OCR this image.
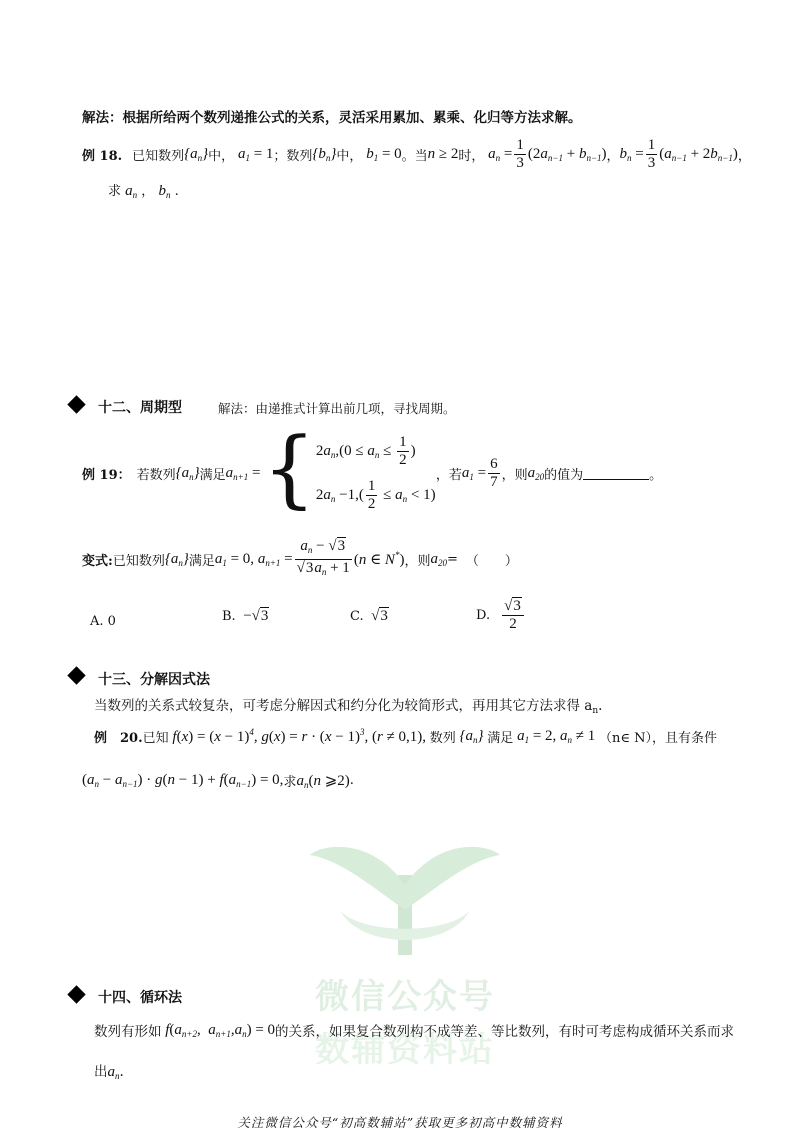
微信公众号
数辅资料站
解法：根据所给两个数列递推公式的关系，灵活采用累加、累乘、化归等方法求解。
例 18. 已知数列 $\{a_n\}$ 中， $a_1 = 1$ ；数列 $\{b_n\}$ 中， $b_1 = 0$ 。当 n ≥ 2 时， $a_n = \frac{1}{3} (2a_{n-1} + b_{n-1})$ ， $b_n = \frac{1}{3} (a_{n-1} + 2b_{n-1})$ ，
求 $a_n$ ， $b_n$ .
十二、周期型	解法：由递推式计算出前几项，寻找周期。
例 19： 若数列 $\{a_n\}$ 满足 $a_{n+1}$ = { $2a_n,(0 \le a_n \le \frac{1}{2}$ )
$2a_n -1,( \frac{1}{2} \le a_n < 1)$
，若 $a_1 = \frac{6}{7}$ ，则 $a_{20}$ 的值为	。
变式: 已知数列 $\{a_n\}$ 满足 $a_1 = 0$, $a_{n+1} = \frac{a_n - √3}{√3a_n + 1} (n$ ∈ N*) ，则 $a_{20}$ = （　　）
A. 0	B. −√3	C. √3	D. $\frac{√3}{2}$
十三、分解因式法
当数列的关系式较复杂，可考虑分解因式和约分化为较简形式，再用其它方法求得 $a_n$.
例　20. 已知 $f(x) = (x - 1)^4$, $g(x) = r \cdot (x - 1)^3$, (r ≠ 0,1), 数列 $\{a_n\}$ 满足 $a_1 = 2$, $a_n \ne 1$ （n∈ N），且有条件
$(a_n - a_{n-1}) \cdot g(n - 1) + f(a_{n-1}) = 0$, 求 $a_n(n$ ⩾2) .
十四、循环法
数列有形如 $f(a_{n+2}$,  $a_{n+1},a_n) = 0$ 的关系，如果复合数列构不成等差、等比数列，有时可考虑构成循环关系而求
出$a_n$.
关注微信公众号“初高数辅站”获取更多初高中数辅资料
